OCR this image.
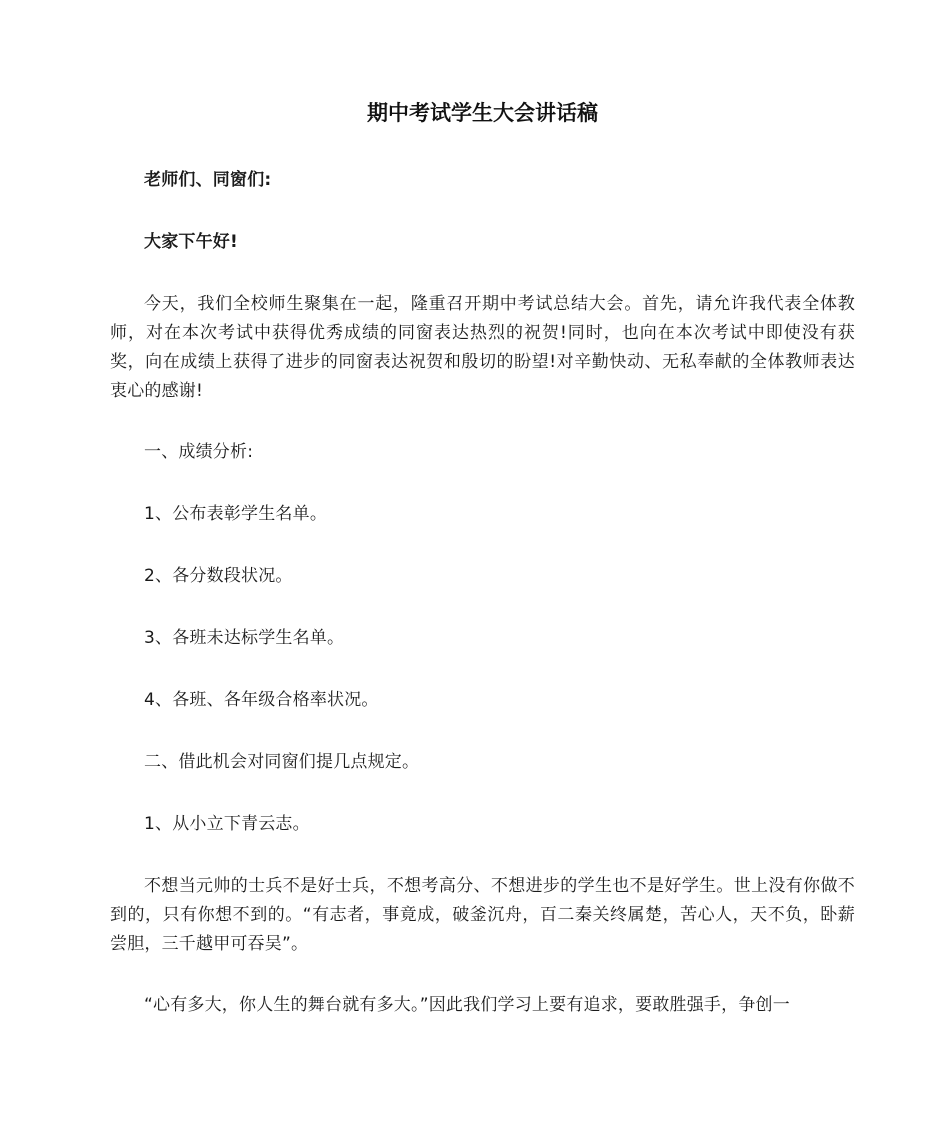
期中考试学生大会讲话稿

老师们、同窗们:

大家下午好!

今天，我们全校师生聚集在一起，隆重召开期中考试总结大会。首先，请允许我代表全体教师，对在本次考试中获得优秀成绩的同窗表达热烈的祝贺!同时，也向在本次考试中即使没有获奖，向在成绩上获得了进步的同窗表达祝贺和殷切的盼望!对辛勤快动、无私奉献的全体教师表达衷心的感谢!

一、成绩分析:

1、公布表彰学生名单。

2、各分数段状况。

3、各班未达标学生名单。

4、各班、各年级合格率状况。

二、借此机会对同窗们提几点规定。

1、从小立下青云志。

不想当元帅的士兵不是好士兵，不想考高分、不想进步的学生也不是好学生。世上没有你做不到的，只有你想不到的。“有志者，事竟成，破釜沉舟，百二秦关终属楚，苦心人，天不负，卧薪尝胆，三千越甲可吞吴”。

“心有多大，你人生的舞台就有多大。”因此我们学习上要有追求，要敢胜强手，争创一
